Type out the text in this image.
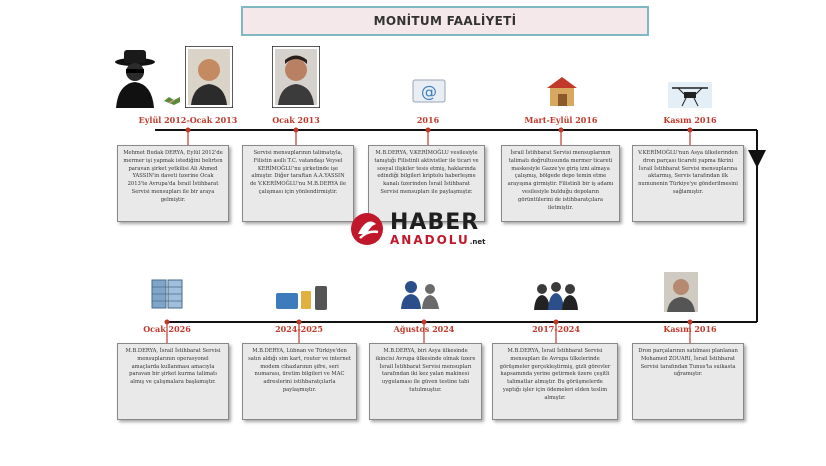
MONİTUM FAALİYETİ
@
Eylül 2012-Ocak 2013	Ocak 2013	2016	Mart-Eylül 2016	Kasım 2016
Mehmet Budak DERYA, Eylül 2012'de mermer işi yapmak istediğini belirten paravan şirket yetkilisi Ali Ahmed YASSIN'in daveti üzerine Ocak 2013'te Avrupa'da İsrail İstihbarat Servisi mensupları ile bir araya gelmiştir.
Servisi mensuplarının talimatıyla, Filistin asıllı T.C. vatandaşı Veysel KERİMOĞLU'nu şirketinde işe almıştır. Diğer taraftan A.A.YASSIN de V.KERİMOĞLU'nu M.B.DERYA ile çalışması için yönlendirmiştir.
M.B.DERYA, V.KERİMOĞLU vesilesiyle tanıştığı Filistinli aktivistler ile ticari ve sosyal ilişkiler tesis etmiş, haklarında edindiği bilgileri kriptolu haberleşme kanalı üzerinden İsrail İstihbarat Servisi mensupları ile paylaşmıştır.
İsrail İstihbarat Servisi mensuplarının talimatı doğrultusunda mermer ticareti maskesiyle Gazze'ye giriş izni almaya çalışmış, bölgede depo temin etme arayışına girmiştir. Filistinli bir iş adamı vesilesiyle bulduğu depoların görüntülerini de istihbaratçılara iletmiştir.
V.KERİMOĞLU'nun Asya ülkelerinden dron parçası ticareti yapma fikrini İsrail İstihbarat Servisi mensuplarına aktarmış, Servis tarafından ilk numunenin Türkiye'ye gönderilmesini sağlamıştır.
Ocak 2026	2024-2025	Ağustos 2024	2017-2024	Kasım 2016
M.B.DERYA, İsrail İstihbarat Servisi mensuplarının operasyonel amaçlarda kullanması amacıyla paravan bir şirket kurma talimatı almış ve çalışmalara başlamıştır.
M.B.DERYA, Lübnan ve Türkiye'den satın aldığı sim kart, router ve internet modem cihazlarının şifre, seri numarası, üretim bilgileri ve MAC adreslerini istihbaratçılarla paylaşmıştır.
M.B.DERYA, biri Asya ülkesinde ikincisi Avrupa ülkesinde olmak üzere İsrail İstihbarat Servisi mensupları tarafından iki kez yalan makinesi uygulaması ile güven testine tabi tutulmuştur.
M.B.DERYA, İsrail İstihbarat Servisi mensupları ile Avrupa ülkelerinde görüşmeler gerçekleştirmiş, gizli görevler kapsamında yerine getirmek üzere çeşitli talimatlar almıştır. Bu görüşmelerde yaptığı işler için ödemeleri elden teslim almıştır.
Dron parçalarının satılması planlanan Mohamed ZOUARI, İsrail İstihbarat Servisi tarafından Tunus'ta suikasta uğramıştır.
HABER
ANADOLU.net
